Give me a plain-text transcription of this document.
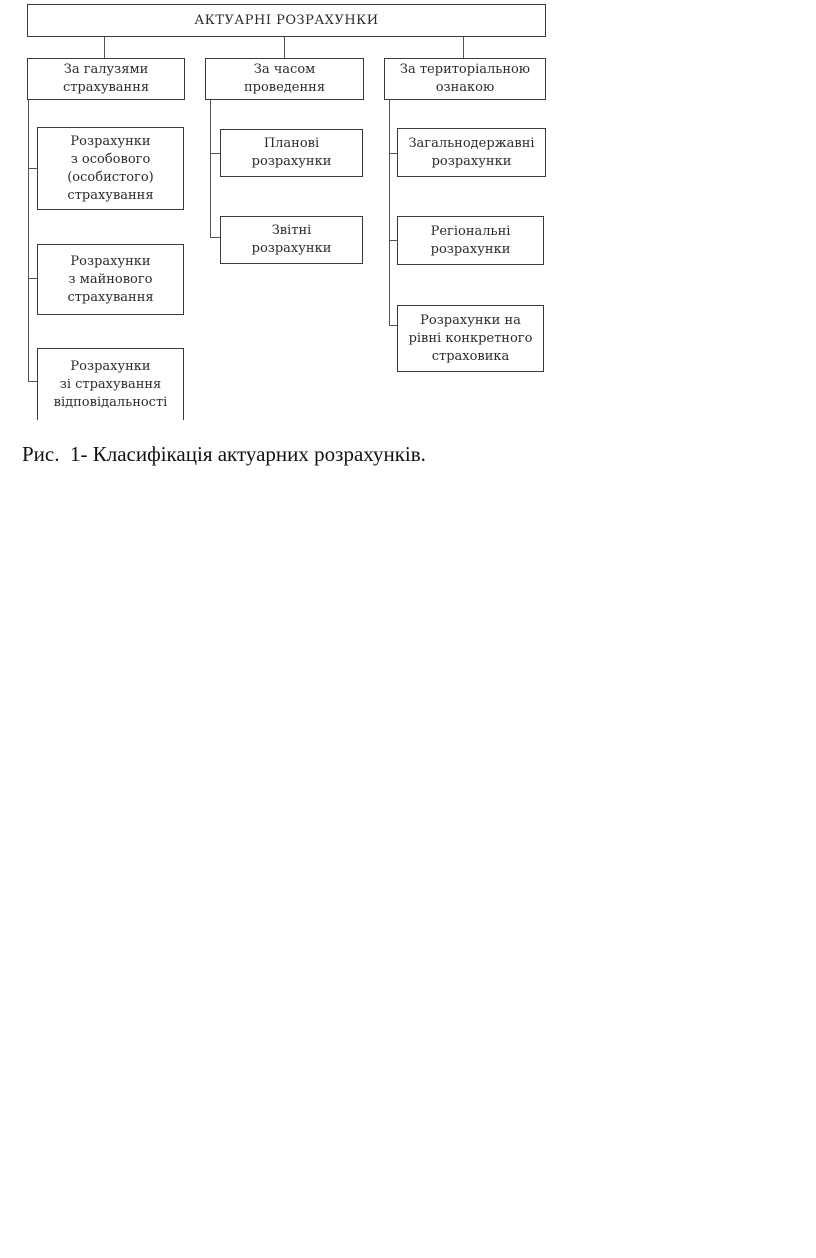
АКТУАРНІ РОЗРАХУНКИ
За галузями
страхування
За часом
проведення
За територіальною
ознакою
Розрахунки
з особового
(особистого)
страхування
Розрахунки
з майнового
страхування
Розрахунки
зі страхування
відповідальності
Планові
розрахунки
Звітні
розрахунки
Загальнодержавні
розрахунки
Регіональні
розрахунки
Розрахунки на
рівні конкретного
страховика
Рис.  1- Класифікація актуарних розрахунків.
